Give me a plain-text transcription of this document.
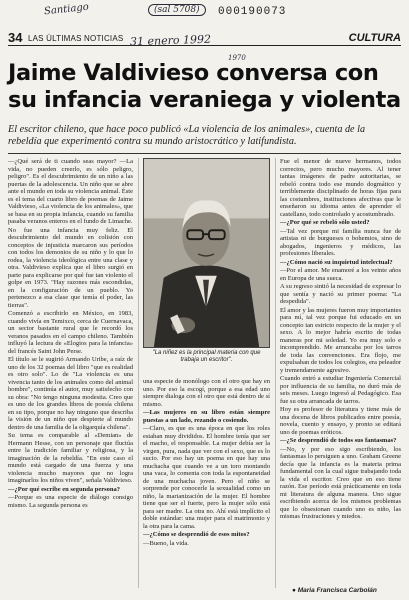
Santiago	(sal 5708)	000190073
31 enero 1992
1970
34 LAS ÚLTIMAS NOTICIAS	CULTURA
Jaime Valdivieso conversa con su infancia veraniega y violenta

El escritor chileno, que hace poco publicó «La violencia de los animales», cuenta de la rebeldía que experimentó contra su mundo aristocrático y latifundista.

—¿Qué será de ti cuando seas mayor? —La vida, no pueden creerlo, es sólo peligro, peligro". Es el descubrimiento de un niño a las puertas de la adolescencia. Un niño que se abre ante el mundo en toda su violencia animal. Éste es el tema del cuarto libro de poemas de Jaime Valdivieso, «La violencia de los animales», que se basa en su propia infancia, cuando su familia pasaba veranos enteros en el fundo de Limache.

No fue una infancia muy feliz. El descubrimiento del mundo en colisión con conceptos de injusticia marcaron sus períodos con todos los demonios de su niño y lo que lo rodea, la violencia ideológica entre una clase y otra. Valdivieso explica que el libro surgió en parte para explicarse por qué fue tan violento el golpe en 1973. "Hay razones más escondidas, en la configuración de un pueblo. Yo pertenezco a esa clase que temía el poder, las tierras".

Comenzó a escribirlo en México, en 1983, cuando vivía en Temixco, cerca de Cuernavaca, un sector bastante rural que le recordó los veranos pasados en el campo chileno. También influyó la lectura de «Elogios para la infancia» del francés Saint John Perse.

El título se le sugirió Armando Uribe, a raíz de uno de los 32 poemas del libro "que es realidad es otro solo". Lo de "La violencia es una vivencia tanto de los animales como del animal hombre", continúa el autor, muy satisfecho con su obra: "No tengo ninguna modestia. Creo que es uno de los grandes libros de poesía chilena en su tipo, porque no hay ninguno que describa la visión de un niño que despierte al mundo dentro de una familia de la oligarquía chilena".

Su tema es comparable al «Demian» de Hermann Hesse, con un personaje que fluctúa entre la tradición familiar y religiosa, y la imaginación de la rebeldía. "En este caso el mundo está cargado de una fuerza y una violencia mucho mayores que no logra imaginarlos los niños viven", señala Valdivieso.

—¿Por qué escribe en segunda persona?

—Porque es una especie de diálogo consigo mismo. La segunda persona es

"La niñez es la principal materia con que trabaja un escritor".

una especie de monólogo con el otro que hay en uno. Por eso la escogí, porque a esa edad uno siempre dialoga con el otro que está dentro de sí mismo.

—Las mujeres en su libro están siempre puestas a un lado, rezando o cosiendo.

—Claro, es que es una época en que los roles estaban muy divididos. El hombre tenía que ser el macho, el responsable. La mujer debía ser la virgen, pura, nada que ver con el sexo, que es lo sucio. Por eso hay un poema en que hay una muchacha que cuando ve a un toro montando una vaca, lo comenta con toda la espontaneidad de una muchacha joven. Pero el niño se sorprende por conocerle la sexualidad como un niño, la marianización de la mujer. El hombre tiene que ser el fuerte, pero la mujer sólo está para ser madre. La otra no. Ahí está implícito el doble estándar: una mujer para el matrimonio y la otra para la cama.

—¿Cómo se desprendió de esos mitos?

—Bueno, la vida.

Fue el menor de nueve hermanos, todos correctos, pero mucho mayores. Al tener tantas imágenes de padre autoritarias, se rebeló contra todo ese mundo dogmático y terriblemente disciplinado de horas fijas para las costumbres, instituciones afectivas que le enseñaron su idioma antes de aprender el castellano, todo controlado y acostumbrado.

—¿Por qué se rebeló sólo usted?

—Tal vez porque mi familia nunca fue de artistas ni de burgueses o bohemios, sino de abogados, ingenieros y médicos, las profesiones liberales.

—¿Cómo nació su inquietud intelectual?

—Por el amor. Me enamoré a los veinte años en Europa de una sueca.

A su regreso sintió la necesidad de expresar lo que sentía y nació su primer poema: "La despedida".

El amor y las mujeres fueron muy importantes para mí, tal vez porque fui educado en un concepto tan estricto respecto de la mujer y el sexo. A lo mejor habría escrito de todas maneras por mi soledad. Yo era muy solo e incomprendido. Me arrancaba por los tarros de toda las convenciones. Era flojo, me expulsaban de todos los colegios, era peleador y tremendamente agresivo.

Cuando entró a estudiar Ingeniería Comercial por influencia de su familia, no duró más de seis meses. Luego ingresó al Pedagógico. Esa fue su otra arrancada de tarros.

Hoy es profesor de literatura y tiene más de una docena de libros publicados entre poesía, novela, cuento y ensayo, y pronto se editará uno de poemas eróticos.

—¿Se desprendió de todos sus fantasmas?

—No, y por eso sigo escribiendo, los fantasmas lo persiguen a uno. Graham Greene decía que la infancia es la materia prima fundamental con la cual sigue trabajando toda la vida el escritor. Creo que en eso tiene razón. Ese período está prácticamente en toda mi literatura de alguna manera. Uno sigue escribiendo acerca de los mismos problemas que lo obsesionan cuando uno es niño, las mismas frustraciones y miedos.

● Maria Francisca Carbolán
